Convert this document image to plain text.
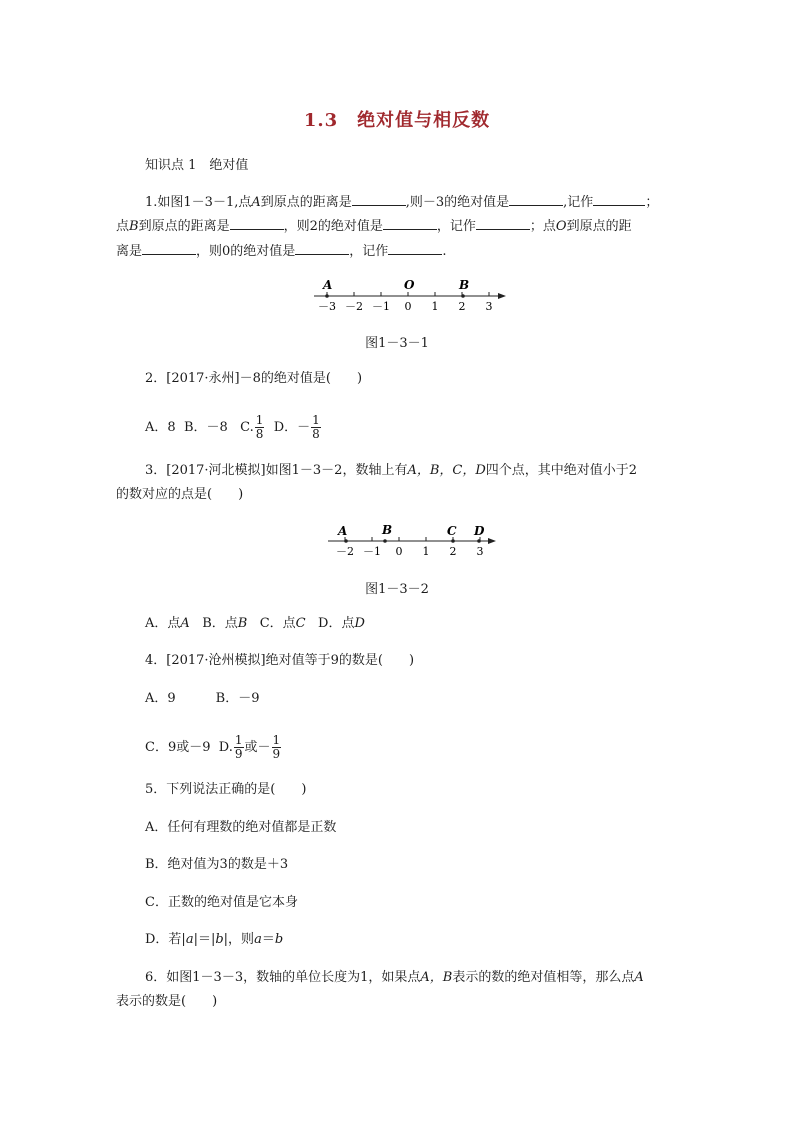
1.3　绝对值与相反数
知识点 1　绝对值
1.如图1－3－1,点A到原点的距离是	,则－3的绝对值是	,记作	；
点B到原点的距离是	，则2的绝对值是	，记作	；点O到原点的距
离是	，则0的绝对值是	，记作	.
－3 －2 －1 0 1 2 3
A	O	B
图1－3－1
2．[2017·永州]－8的绝对值是(　　)
A．8 B．－8 C. $\frac{1}{8}$ D．－ $\frac{1}{8}$
3．[2017·河北模拟]如图1－3－2，数轴上有A，B，C，D四个点，其中绝对值小于2
的数对应的点是(　　)
－2 －1 0 1 2 3
A	B	C D
图1－3－2
A．点A B．点B C．点C D．点D
4．[2017·沧州模拟]绝对值等于9的数是(　　)
A．9	B．－9
C．9或－9 D. $\frac{1}{9}$ 或－ $\frac{1}{9}$
5．下列说法正确的是(　　)
A．任何有理数的绝对值都是正数
B．绝对值为3的数是＋3
C．正数的绝对值是它本身
D．若|a|＝|b|，则a＝b
6．如图1－3－3，数轴的单位长度为1，如果点A，B表示的数的绝对值相等，那么点A
表示的数是(　　)
